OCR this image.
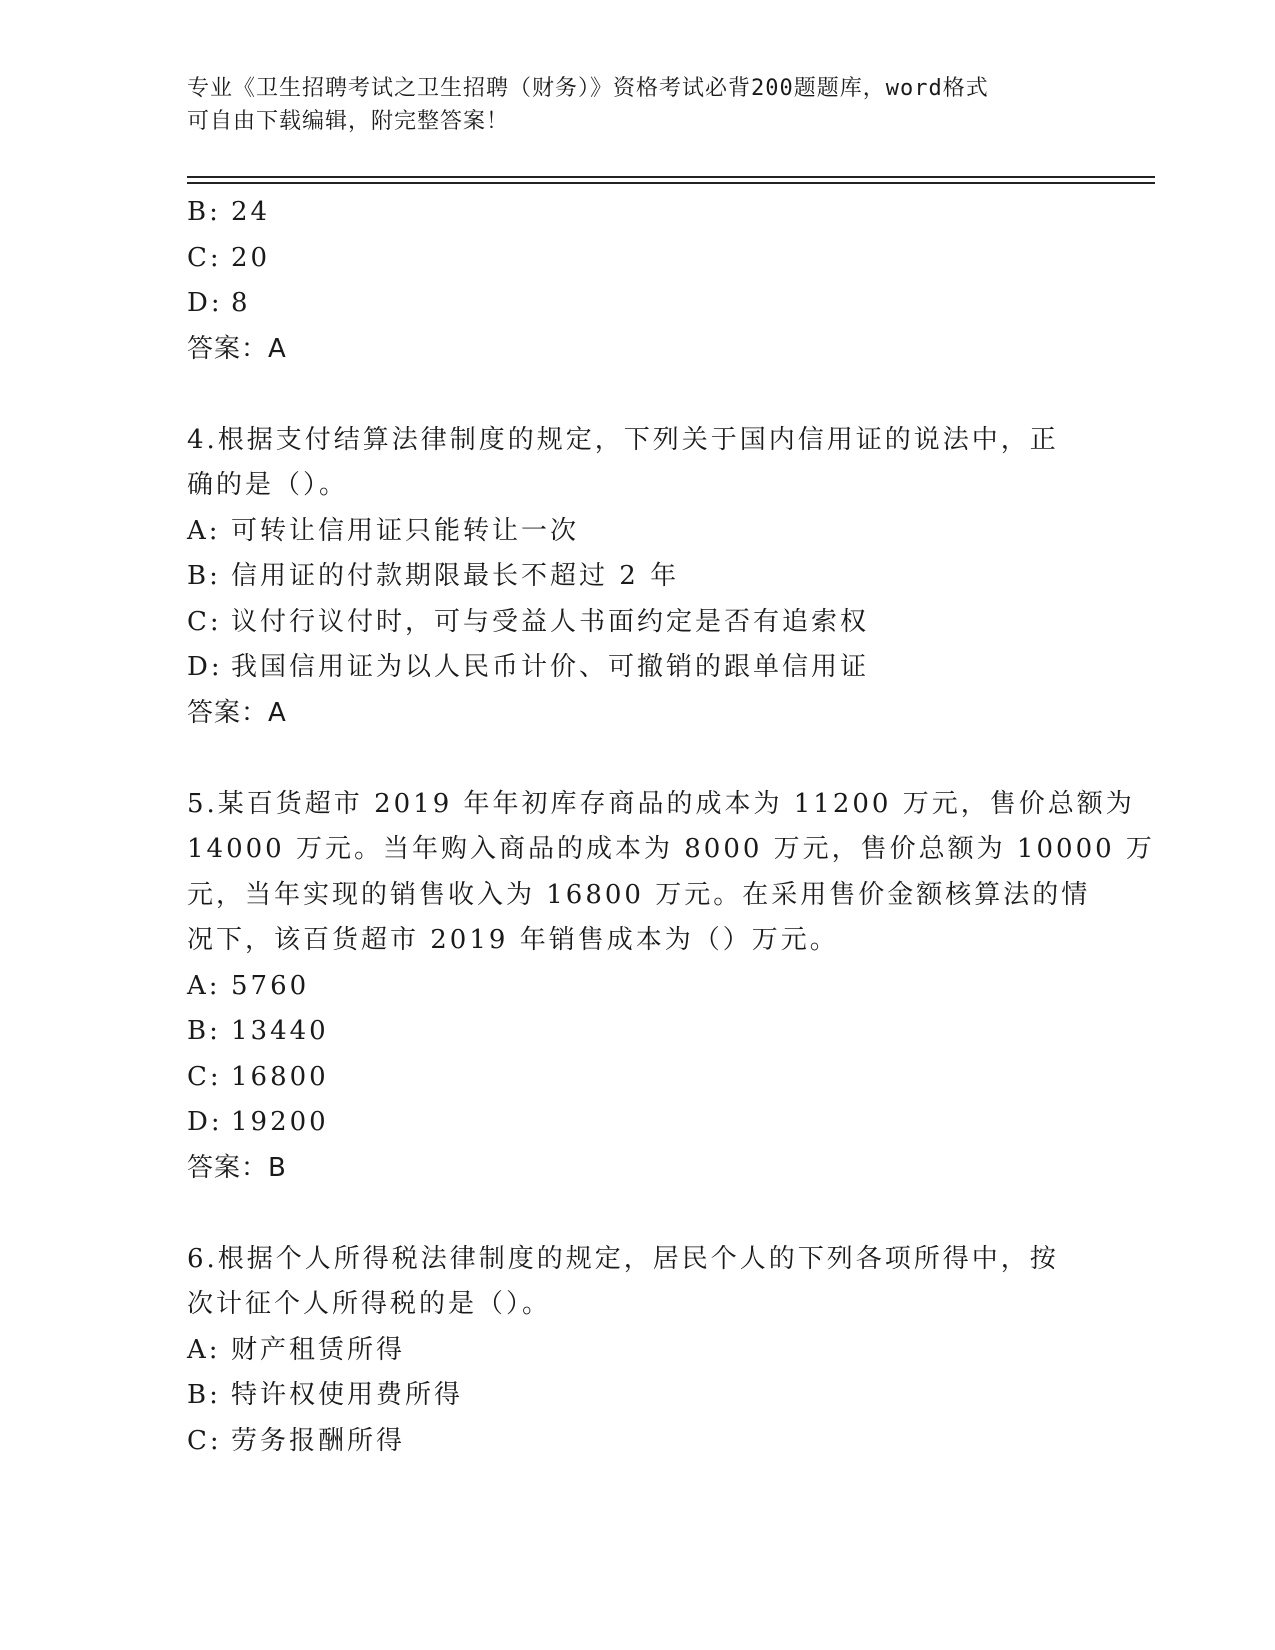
专业《卫生招聘考试之卫生招聘（财务）》资格考试必背200题题库，word格式
可自由下载编辑，附完整答案！
B: 24
C: 20
D: 8
答案：A
4.根据支付结算法律制度的规定，下列关于国内信用证的说法中，正
确的是（）。
A: 可转让信用证只能转让一次
B: 信用证的付款期限最长不超过 2 年
C: 议付行议付时，可与受益人书面约定是否有追索权
D: 我国信用证为以人民币计价、可撤销的跟单信用证
答案：A
5.某百货超市 2019 年年初库存商品的成本为 11200 万元，售价总额为
14000 万元。当年购入商品的成本为 8000 万元，售价总额为 10000 万
元，当年实现的销售收入为 16800 万元。在采用售价金额核算法的情
况下，该百货超市 2019 年销售成本为（）万元。
A: 5760
B: 13440
C: 16800
D: 19200
答案：B
6.根据个人所得税法律制度的规定，居民个人的下列各项所得中，按
次计征个人所得税的是（）。
A: 财产租赁所得
B: 特许权使用费所得
C: 劳务报酬所得
